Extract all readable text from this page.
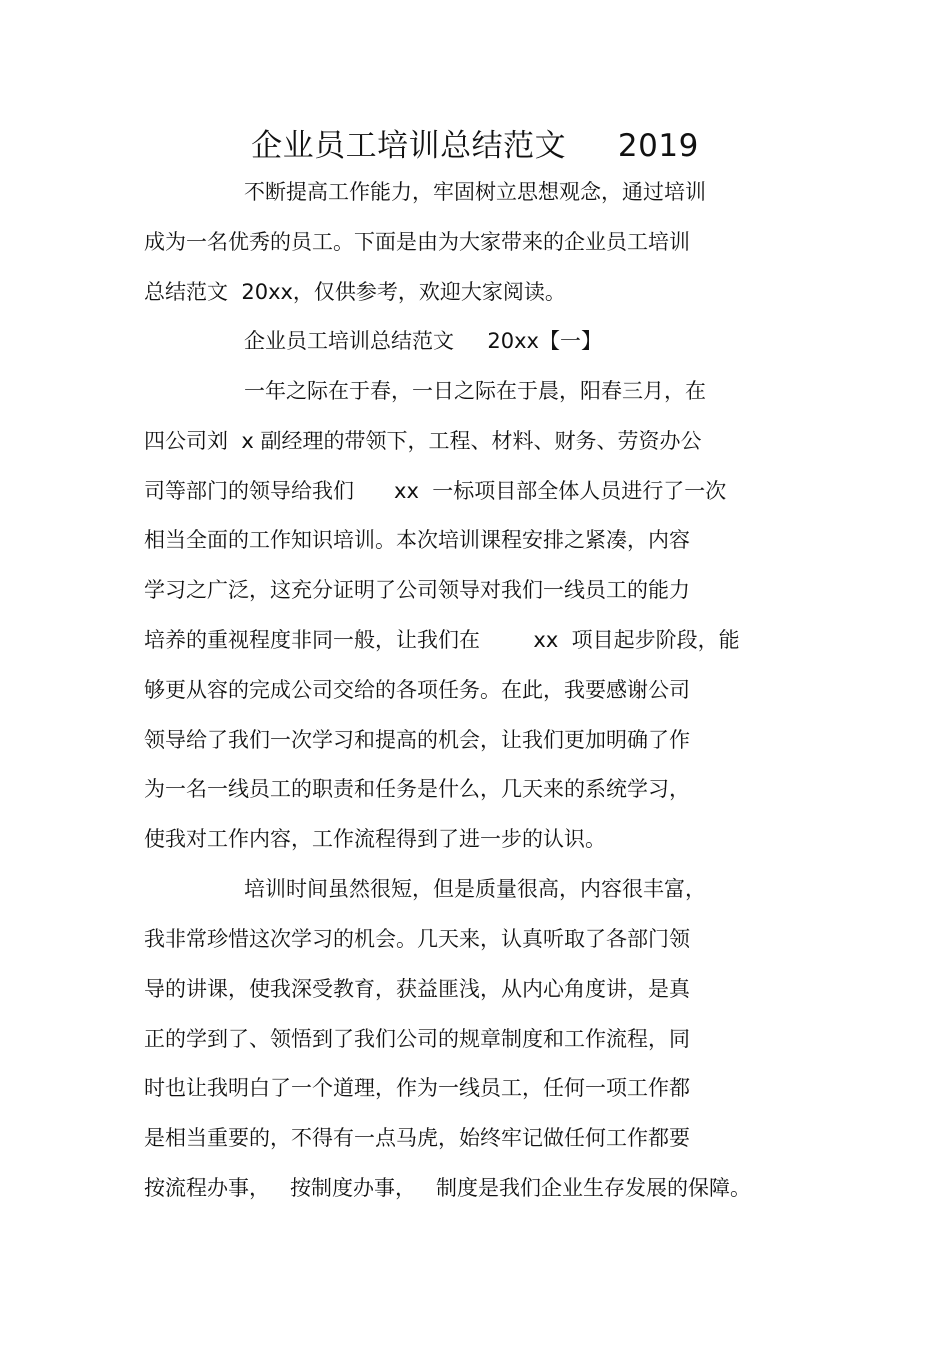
企业员工培训总结范文     2019
不断提高工作能力，牢固树立思想观念，通过培训
成为一名优秀的员工。下面是由为大家带来的企业员工培训
总结范文  20xx，仅供参考，欢迎大家阅读。
企业员工培训总结范文     20xx【一】
一年之际在于春，一日之际在于晨，阳春三月，在
四公司刘  x 副经理的带领下，工程、材料、财务、劳资办公
司等部门的领导给我们      xx  一标项目部全体人员进行了一次
相当全面的工作知识培训。本次培训课程安排之紧凑，内容
学习之广泛，这充分证明了公司领导对我们一线员工的能力
培养的重视程度非同一般，让我们在        xx  项目起步阶段，能
够更从容的完成公司交给的各项任务。在此，我要感谢公司
领导给了我们一次学习和提高的机会，让我们更加明确了作
为一名一线员工的职责和任务是什么，几天来的系统学习，
使我对工作内容，工作流程得到了进一步的认识。
培训时间虽然很短，但是质量很高，内容很丰富，
我非常珍惜这次学习的机会。几天来，认真听取了各部门领
导的讲课，使我深受教育，获益匪浅，从内心角度讲，是真
正的学到了、领悟到了我们公司的规章制度和工作流程，同
时也让我明白了一个道理，作为一线员工，任何一项工作都
是相当重要的，不得有一点马虎，始终牢记做任何工作都要
按流程办事，   按制度办事，   制度是我们企业生存发展的保障。
